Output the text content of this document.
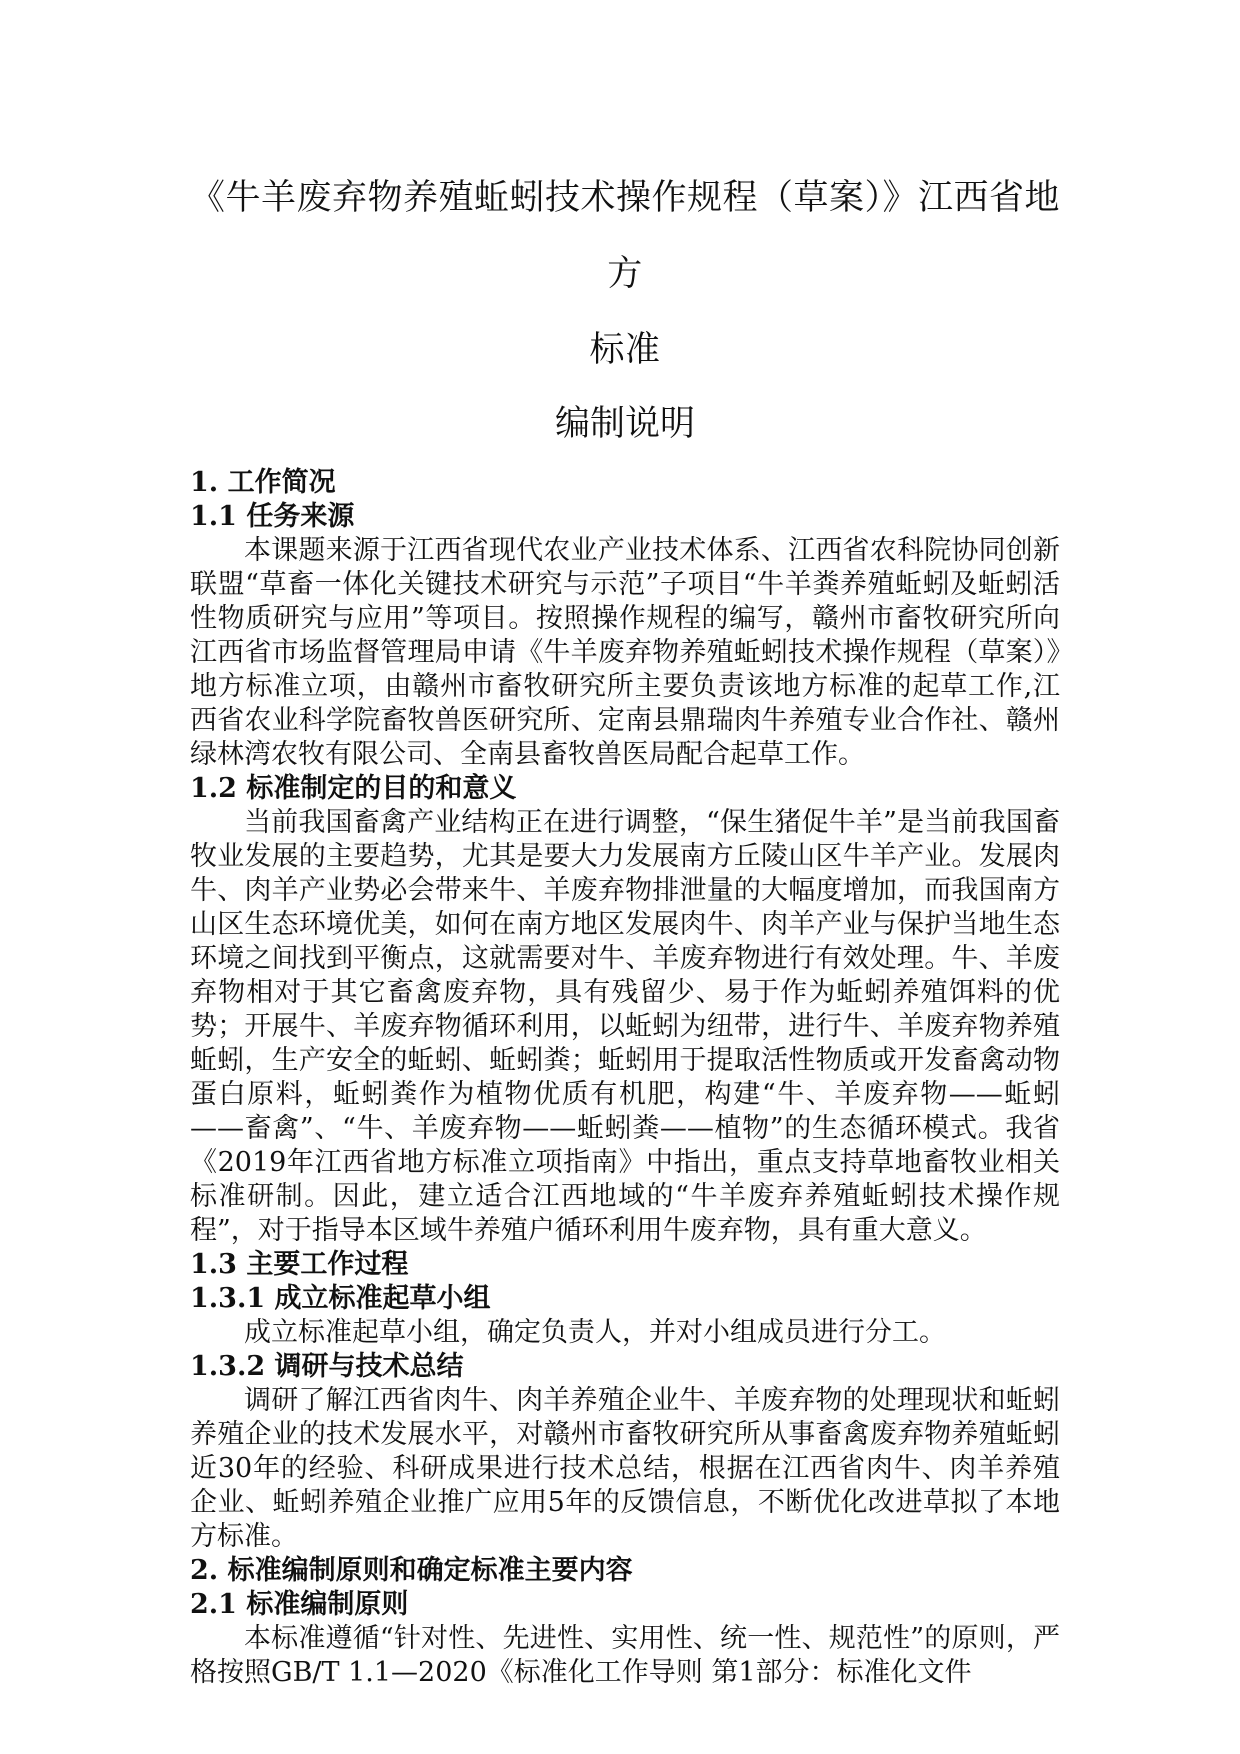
《牛羊废弃物养殖蚯蚓技术操作规程（草案）》江西省地方
标准
编制说明
1. 工作简况
1.1 任务来源

本课题来源于江西省现代农业产业技术体系、江西省农科院协同创新联盟“草畜一体化关键技术研究与示范”子项目“牛羊粪养殖蚯蚓及蚯蚓活性物质研究与应用”等项目。按照操作规程的编写，赣州市畜牧研究所向江西省市场监督管理局申请《牛羊废弃物养殖蚯蚓技术操作规程（草案）》地方标准立项，由赣州市畜牧研究所主要负责该地方标准的起草工作,江西省农业科学院畜牧兽医研究所、定南县鼎瑞肉牛养殖专业合作社、赣州绿林湾农牧有限公司、全南县畜牧兽医局配合起草工作。

1.2 标准制定的目的和意义

当前我国畜禽产业结构正在进行调整，“保生猪促牛羊”是当前我国畜牧业发展的主要趋势，尤其是要大力发展南方丘陵山区牛羊产业。发展肉牛、肉羊产业势必会带来牛、羊废弃物排泄量的大幅度增加，而我国南方山区生态环境优美，如何在南方地区发展肉牛、肉羊产业与保护当地生态环境之间找到平衡点，这就需要对牛、羊废弃物进行有效处理。牛、羊废弃物相对于其它畜禽废弃物，具有残留少、易于作为蚯蚓养殖饵料的优势；开展牛、羊废弃物循环利用，以蚯蚓为纽带，进行牛、羊废弃物养殖蚯蚓，生产安全的蚯蚓、蚯蚓粪；蚯蚓用于提取活性物质或开发畜禽动物蛋白原料，蚯蚓粪作为植物优质有机肥，构建“牛、羊废弃物——蚯蚓——畜禽”、“牛、羊废弃物——蚯蚓粪——植物”的生态循环模式。我省《2019年江西省地方标准立项指南》中指出，重点支持草地畜牧业相关标准研制。因此，建立适合江西地域的“牛羊废弃养殖蚯蚓技术操作规程”，对于指导本区域牛养殖户循环利用牛废弃物，具有重大意义。

1.3 主要工作过程
1.3.1 成立标准起草小组

成立标准起草小组，确定负责人，并对小组成员进行分工。

1.3.2 调研与技术总结

调研了解江西省肉牛、肉羊养殖企业牛、羊废弃物的处理现状和蚯蚓养殖企业的技术发展水平，对赣州市畜牧研究所从事畜禽废弃物养殖蚯蚓近30年的经验、科研成果进行技术总结，根据在江西省肉牛、肉羊养殖企业、蚯蚓养殖企业推广应用5年的反馈信息，不断优化改进草拟了本地方标准。

2. 标准编制原则和确定标准主要内容
2.1 标准编制原则

本标准遵循“针对性、先进性、实用性、统一性、规范性”的原则，严格按照GB/T 1.1—2020《标准化工作导则 第1部分：标准化文件
